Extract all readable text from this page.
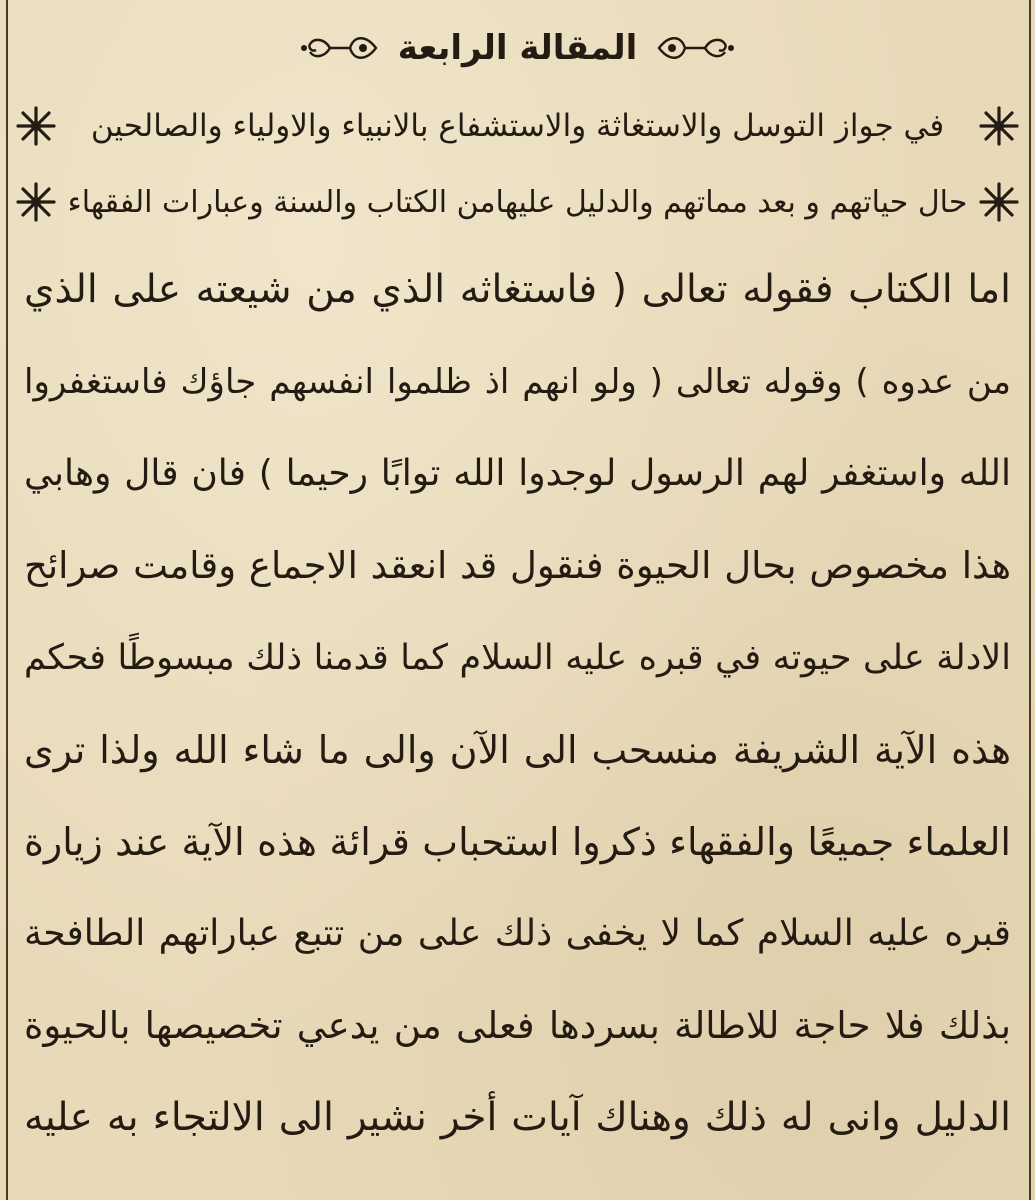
المقالة الرابعة
في جواز التوسل والاستغاثة والاستشفاع بالانبياء والاولياء والصالحين
حال حياتهم و بعد مماتهم والدليل عليهامن الكتاب والسنة وعبارات الفقهاء
اما الكتاب فقوله تعالى ( فاستغاثه الذي من شيعته على الذي
من عدوه ) وقوله تعالى ( ولو انهم اذ ظلموا انفسهم جاؤك فاستغفروا
الله واستغفر لهم الرسول لوجدوا الله توابًا رحيما ) فان قال وهابي
هذا مخصوص بحال الحيوة فنقول قد انعقد الاجماع وقامت صرائح
الادلة على حيوته في قبره عليه السلام كما قدمنا ذلك مبسوطًا فحكم
هذه الآية الشريفة منسحب الى الآن والى ما شاء الله ولذا ترى
العلماء جميعًا والفقهاء ذكروا استحباب قرائة هذه الآية عند زيارة
قبره عليه السلام كما لا يخفى ذلك على من تتبع عباراتهم الطافحة
بذلك فلا حاجة للاطالة بسردها فعلى من يدعي تخصيصها بالحيوة
الدليل وانى له ذلك وهناك آيات أخر نشير الى الالتجاء به عليه
